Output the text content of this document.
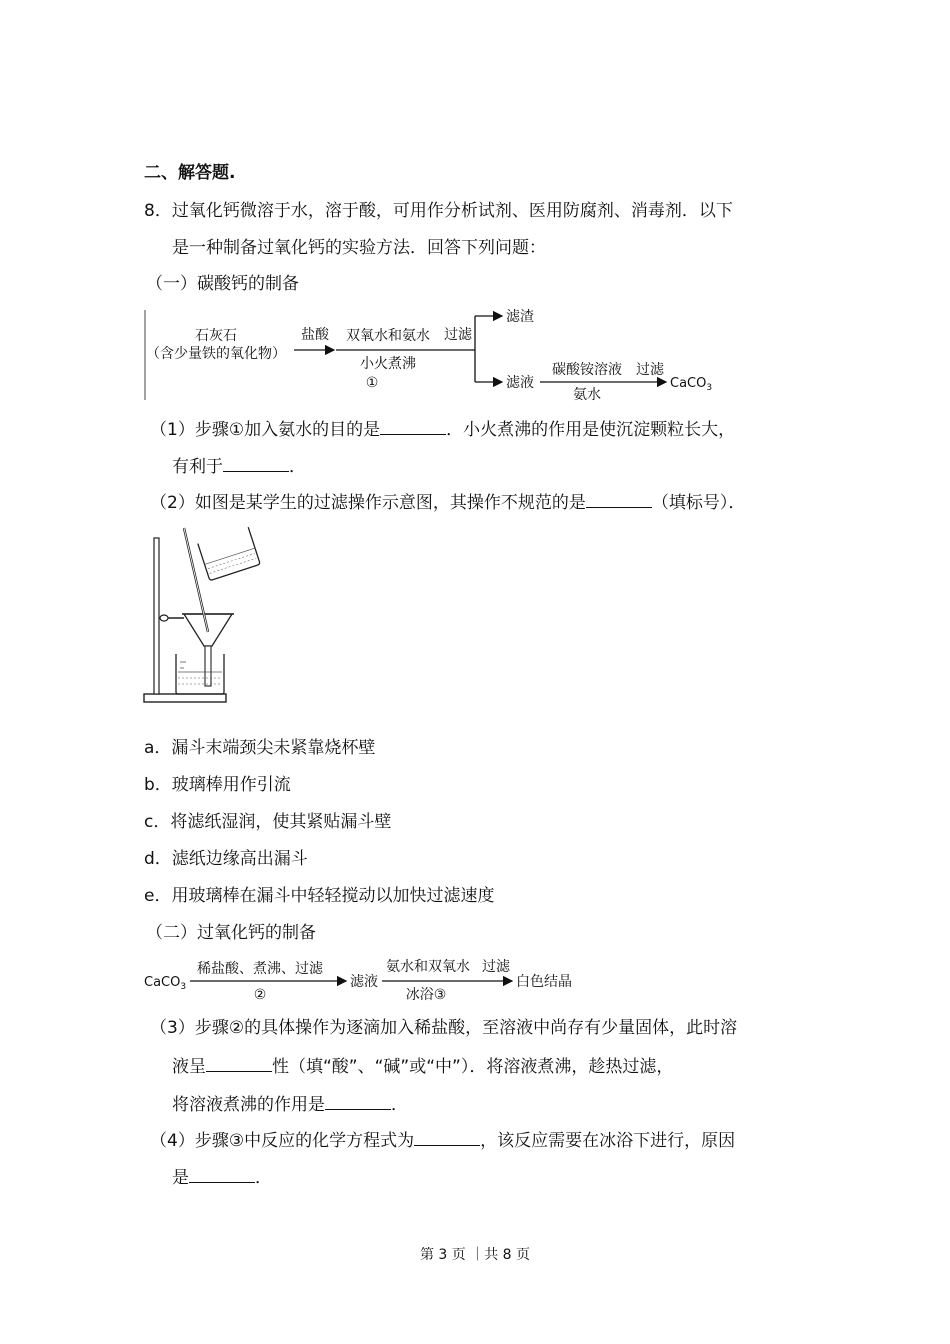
二、解答题.
8．过氧化钙微溶于水，溶于酸，可用作分析试剂、医用防腐剂、消毒剂．以下
是一种制备过氧化钙的实验方法．回答下列问题：
（一）碳酸钙的制备
石灰石
（含少量铁的氧化物）
盐酸 双氧水和氨水
小火煮沸
①
过滤
滤渣
滤液
碳酸铵溶液
氨水
过滤
CaCO$_3$
（1）步骤①加入氨水的目的是	．小火煮沸的作用是使沉淀颗粒长大，
有利于	．
（2）如图是某学生的过滤操作示意图，其操作不规范的是	（填标号）．
a．漏斗末端颈尖未紧靠烧杯壁
b．玻璃棒用作引流
c．将滤纸湿润，使其紧贴漏斗壁
d．滤纸边缘高出漏斗
e．用玻璃棒在漏斗中轻轻搅动以加快过滤速度
（二）过氧化钙的制备
CaCO$_3$
稀盐酸、煮沸、过滤
②
滤液
氨水和双氧水
冰浴③
过滤
白色结晶
（3）步骤②的具体操作为逐滴加入稀盐酸，至溶液中尚存有少量固体，此时溶
液呈	性（填“酸”、“碱”或“中”）．将溶液煮沸，趁热过滤，
将溶液煮沸的作用是	．
（4）步骤③中反应的化学方程式为	，该反应需要在冰浴下进行，原因
是	．
第 3 页 ｜共 8 页
